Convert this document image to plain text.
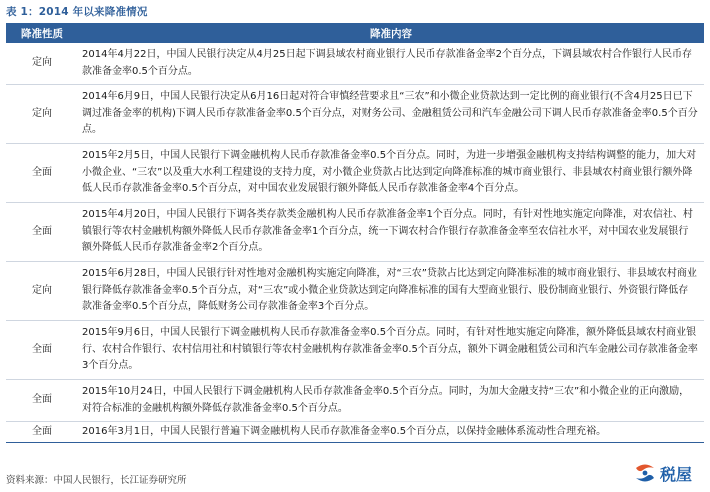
表 1：2014 年以来降准情况
降准性质	降准内容
定向	2014年4月22日，中国人民银行决定从4月25日起下调县域农村商业银行人民币存款准备金率2个百分点，下调县域农村合作银行人民币存款准备金率0.5个百分点。
定向	2014年6月9日，中国人民银行决定从6月16日起对符合审慎经营要求且“三农”和小微企业贷款达到一定比例的商业银行(不含4月25日已下调过准备金率的机构)下调人民币存款准备金率0.5个百分点，对财务公司、金融租赁公司和汽车金融公司下调人民币存款准备金率0.5个百分点。
全面	2015年2月5日，中国人民银行下调金融机构人民币存款准备金率0.5个百分点。同时，为进一步增强金融机构支持结构调整的能力，加大对小微企业、“三农”以及重大水利工程建设的支持力度，对小微企业贷款占比达到定向降准标准的城市商业银行、非县域农村商业银行额外降低人民币存款准备金率0.5个百分点，对中国农业发展银行额外降低人民币存款准备金率4个百分点。
全面	2015年4月20日，中国人民银行下调各类存款类金融机构人民币存款准备金率1个百分点。同时，有针对性地实施定向降准，对农信社、村镇银行等农村金融机构额外降低人民币存款准备金率1个百分点，统一下调农村合作银行存款准备金率至农信社水平，对中国农业发展银行额外降低人民币存款准备金率2个百分点。
定向	2015年6月28日，中国人民银行针对性地对金融机构实施定向降准，对“三农”贷款占比达到定向降准标准的城市商业银行、非县域农村商业银行降低存款准备金率0.5个百分点，对“三农”或小微企业贷款达到定向降准标准的国有大型商业银行、股份制商业银行、外资银行降低存款准备金率0.5个百分点，降低财务公司存款准备金率3个百分点。
全面	2015年9月6日，中国人民银行下调金融机构人民币存款准备金率0.5个百分点。同时，有针对性地实施定向降准，额外降低县域农村商业银行、农村合作银行、农村信用社和村镇银行等农村金融机构存款准备金率0.5个百分点，额外下调金融租赁公司和汽车金融公司存款准备金率3个百分点。
全面	2015年10月24日，中国人民银行下调金融机构人民币存款准备金率0.5个百分点。同时，为加大金融支持“三农”和小微企业的正向激励，对符合标准的金融机构额外降低存款准备金率0.5个百分点。
全面	2016年3月1日，中国人民银行普遍下调金融机构人民币存款准备金率0.5个百分点，以保持金融体系流动性合理充裕。
资料来源：中国人民银行，长江证券研究所	税屋
